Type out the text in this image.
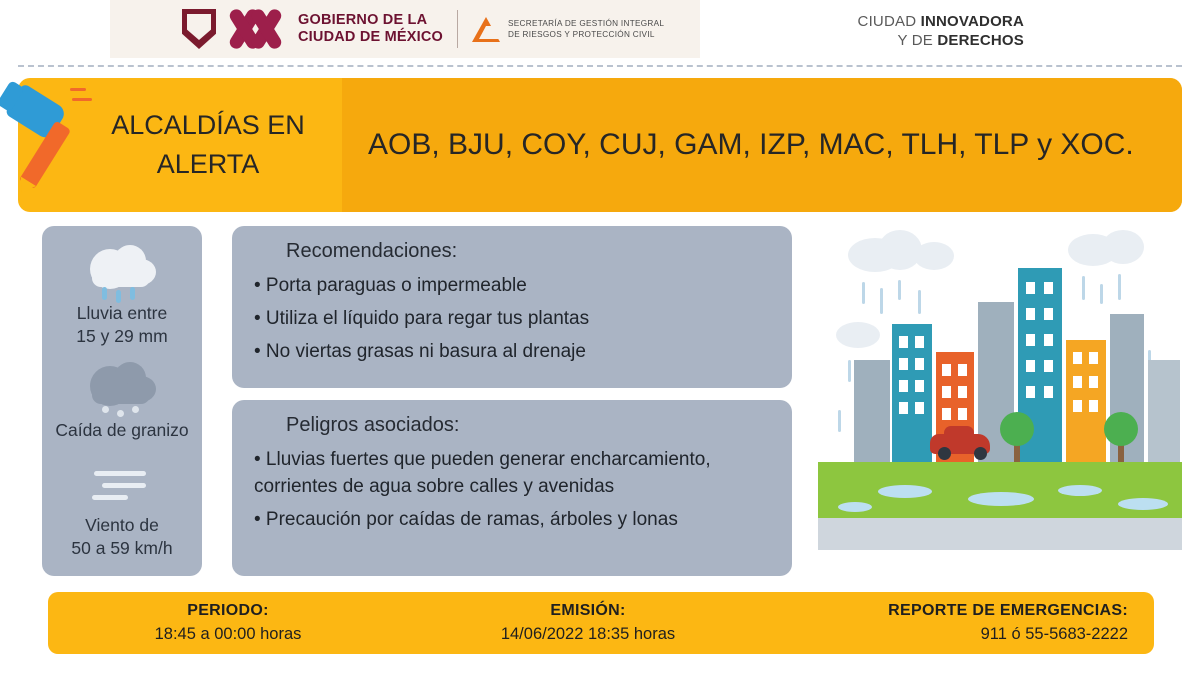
GOBIERNO DE LA
CIUDAD DE MÉXICO
SECRETARÍA DE GESTIÓN INTEGRAL
DE RIESGOS Y PROTECCIÓN CIVIL
CIUDAD INNOVADORA
Y DE DERECHOS
ALCALDÍAS EN
ALERTA
AOB, BJU, COY, CUJ, GAM, IZP, MAC, TLH, TLP y XOC.
Lluvia entre
15 y 29 mm
Caída de granizo
Viento de
50 a 59 km/h
Recomendaciones:
• Porta paraguas o impermeable
• Utiliza el líquido para regar tus plantas
• No viertas grasas ni basura al drenaje
Peligros asociados:
• Lluvias fuertes que pueden generar encharcamiento,
corrientes de agua sobre calles y avenidas
• Precaución por caídas de ramas, árboles y lonas
PERIODO:
18:45 a 00:00 horas
EMISIÓN:
14/06/2022 18:35 horas
REPORTE DE EMERGENCIAS:
911 ó 55-5683-2222
